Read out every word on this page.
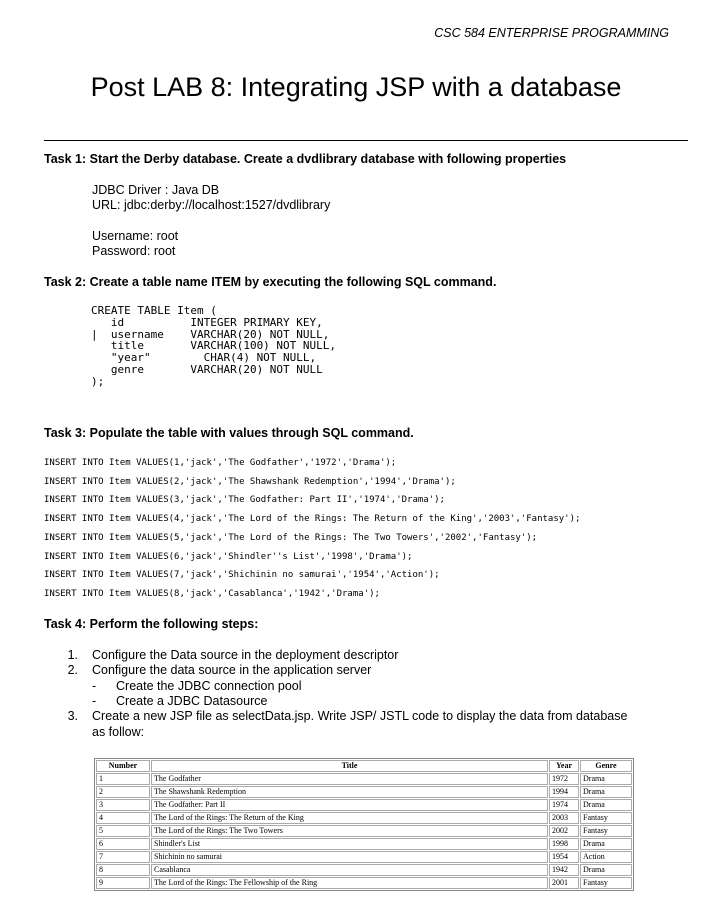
CSC 584 ENTERPRISE PROGRAMMING
Post LAB 8: Integrating JSP with a database
Task 1: Start the Derby database. Create a dvdlibrary database with following properties
JDBC Driver : Java DB
URL: jdbc:derby://localhost:1527/dvdlibrary
Username: root
Password: root
Task 2: Create a table name ITEM by executing the following SQL command.
CREATE TABLE Item (
id          INTEGER PRIMARY KEY,
|  username    VARCHAR(20) NOT NULL,
title       VARCHAR(100) NOT NULL,
"year"        CHAR(4) NOT NULL,
genre       VARCHAR(20) NOT NULL
);
Task 3: Populate the table with values through SQL command.
INSERT INTO Item VALUES(1,'jack','The Godfather','1972','Drama');
INSERT INTO Item VALUES(2,'jack','The Shawshank Redemption','1994','Drama');
INSERT INTO Item VALUES(3,'jack','The Godfather: Part II','1974','Drama');
INSERT INTO Item VALUES(4,'jack','The Lord of the Rings: The Return of the King','2003','Fantasy');
INSERT INTO Item VALUES(5,'jack','The Lord of the Rings: The Two Towers','2002','Fantasy');
INSERT INTO Item VALUES(6,'jack','Shindler''s List','1998','Drama');
INSERT INTO Item VALUES(7,'jack','Shichinin no samurai','1954','Action');
INSERT INTO Item VALUES(8,'jack','Casablanca','1942','Drama');
Task 4: Perform the following steps:
1. Configure the Data source in the deployment descriptor
2. Configure the data source in the application server
- Create the JDBC connection pool
- Create a JDBC Datasource
3. Create a new JSP file as selectData.jsp. Write JSP/ JSTL code to display the data from database
as follow:
Number	Title	Year	Genre
1	The Godfather	1972	Drama
2	The Shawshank Redemption	1994	Drama
3	The Godfather: Part II	1974	Drama
4	The Lord of the Rings: The Return of the King	2003	Fantasy
5	The Lord of the Rings: The Two Towers	2002	Fantasy
6	Shindler's List	1998	Drama
7	Shichinin no samurai	1954	Action
8	Casablanca	1942	Drama
9	The Lord of the Rings: The Fellowship of the Ring	2001	Fantasy
